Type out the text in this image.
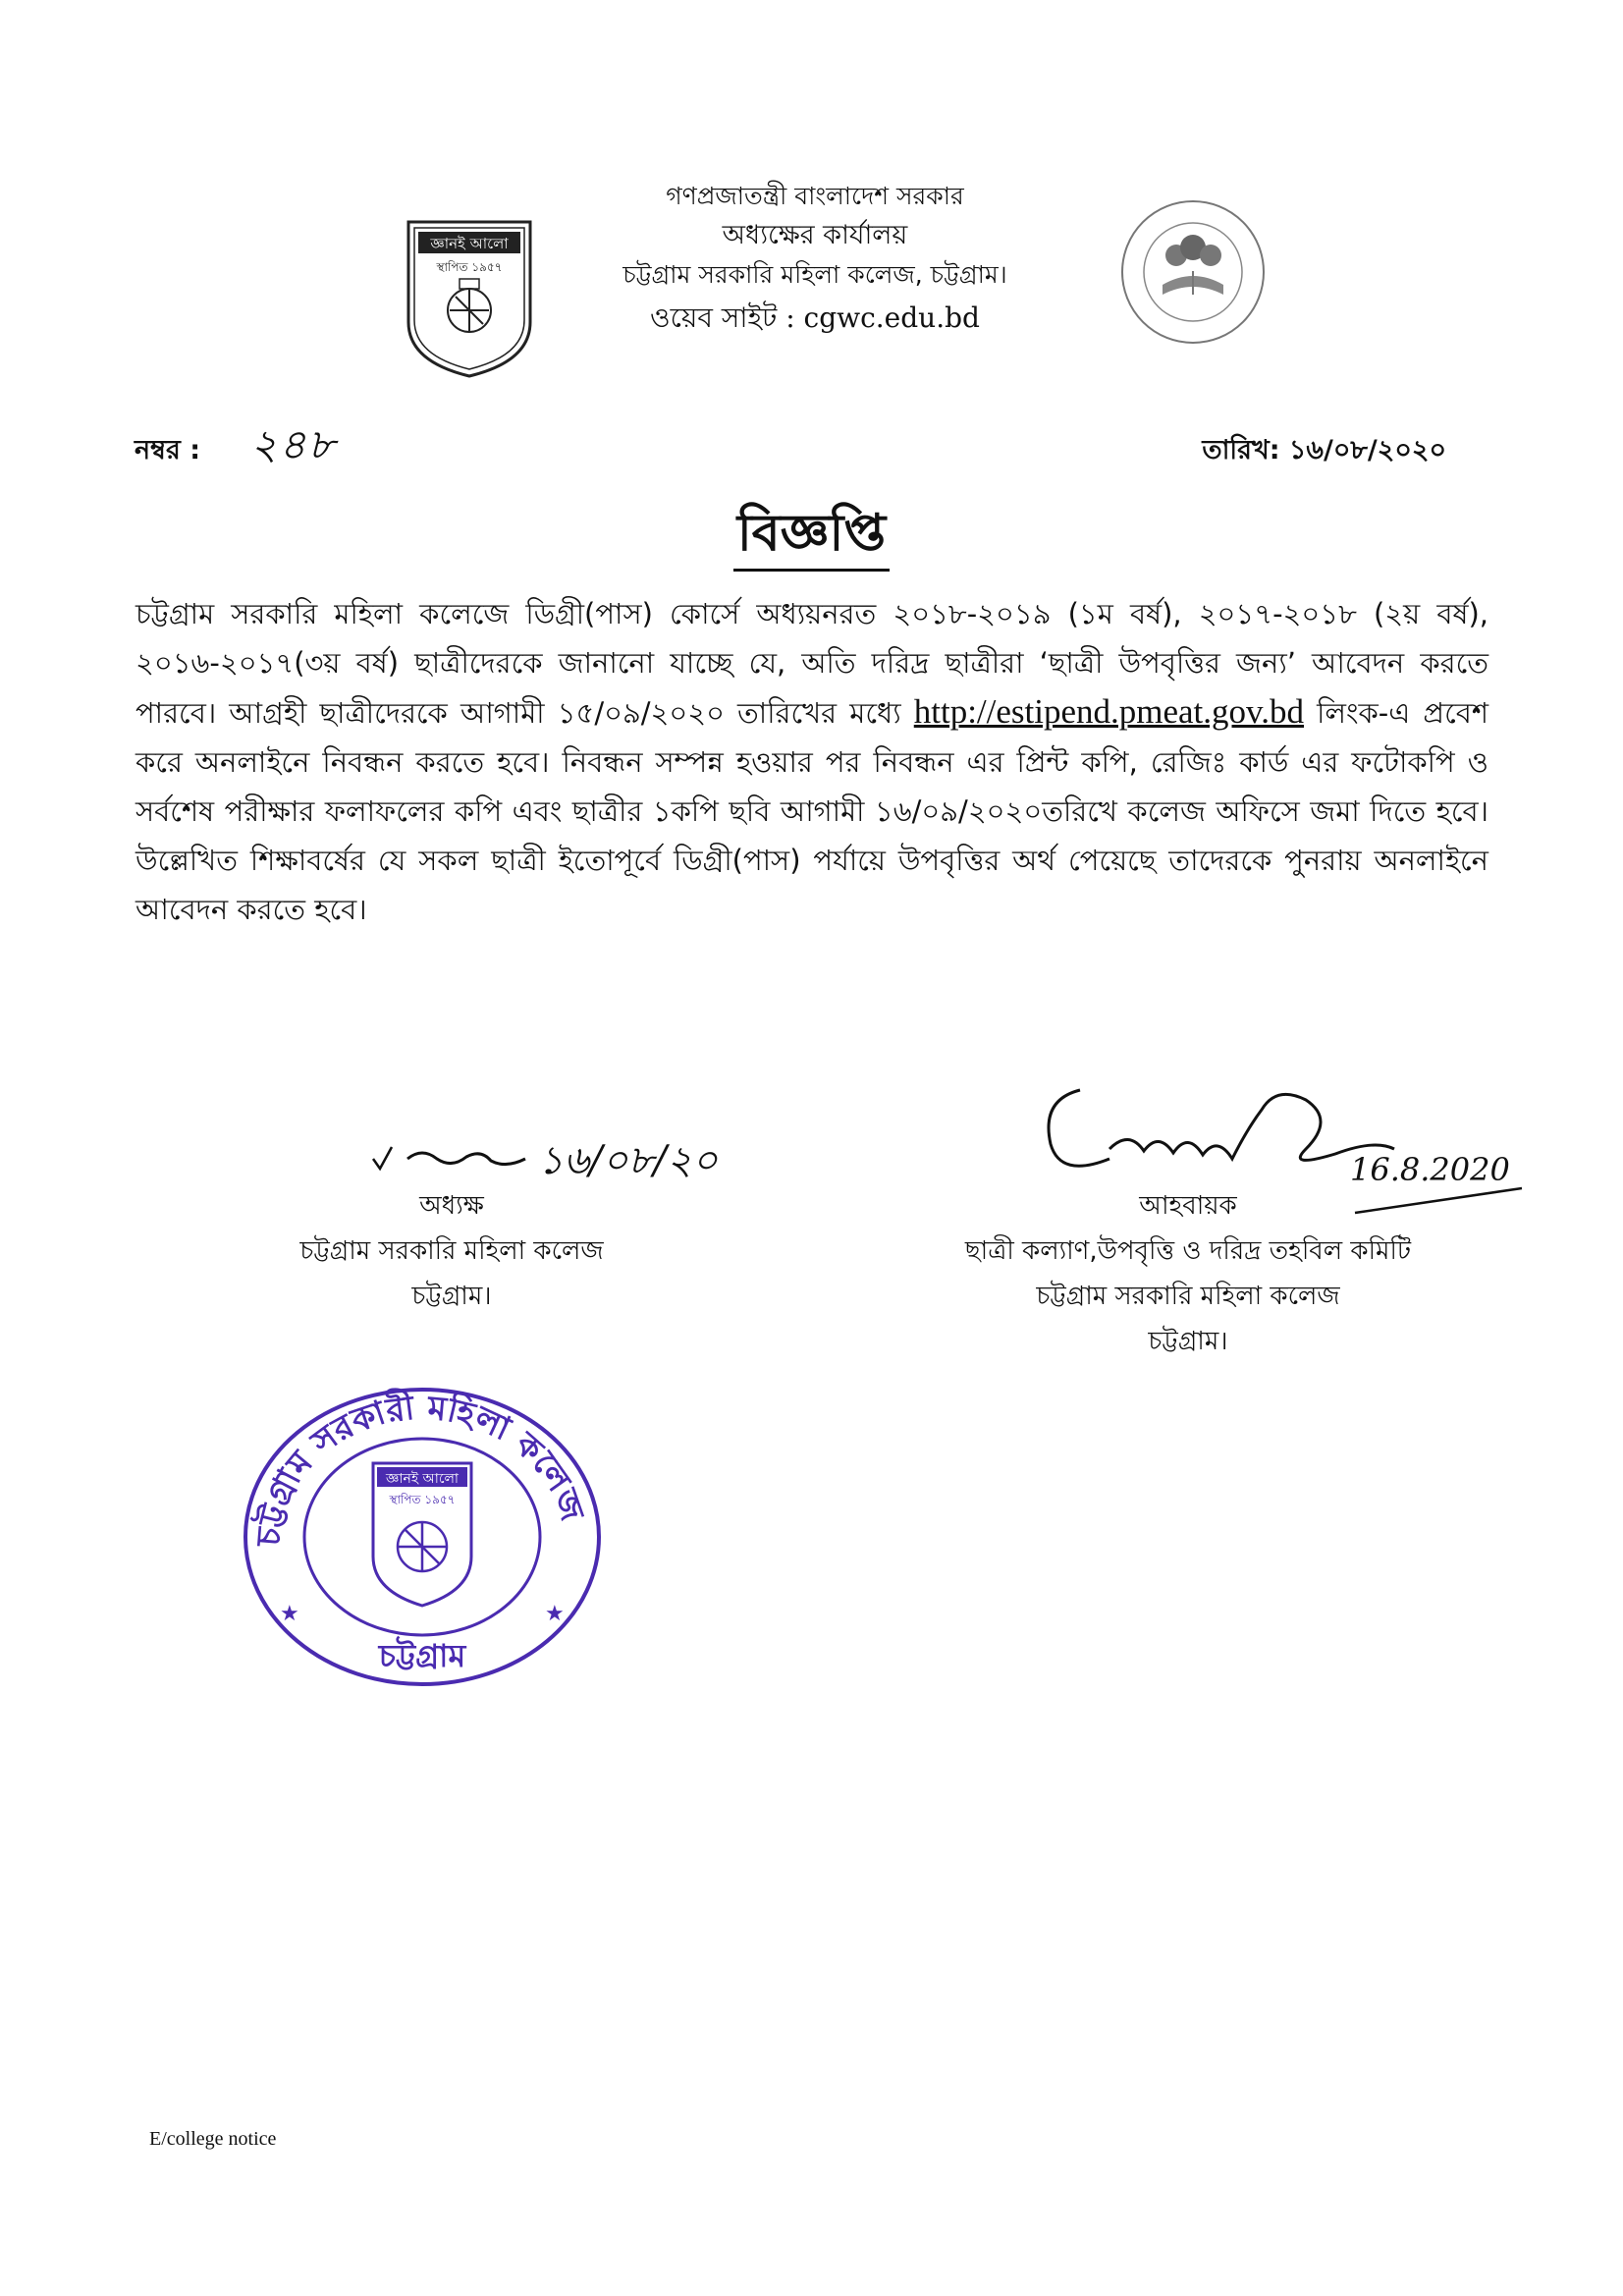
জ্ঞানই আলো
স্থাপিত ১৯৫৭
গণপ্রজাতন্ত্রী বাংলাদেশ সরকার
অধ্যক্ষের কার্যালয়
চট্টগ্রাম সরকারি মহিলা কলেজ, চট্টগ্রাম।
ওয়েব সাইট : cgwc.edu.bd
নম্বর : ২৪৮	তারিখ: ১৬/০৮/২০২০
বিজ্ঞপ্তি
চট্টগ্রাম সরকারি মহিলা কলেজে ডিগ্রী(পাস) কোর্সে অধ্যয়নরত ২০১৮-২০১৯ (১ম বর্ষ), ২০১৭-২০১৮ (২য় বর্ষ), ২০১৬-২০১৭(৩য় বর্ষ) ছাত্রীদেরকে জানানো যাচ্ছে যে, অতি দরিদ্র ছাত্রীরা ‘ছাত্রী উপবৃত্তির জন্য’ আবেদন করতে পারবে। আগ্রহী ছাত্রীদেরকে আগামী ১৫/০৯/২০২০ তারিখের মধ্যে http://estipend.pmeat.gov.bd লিংক-এ প্রবেশ করে অনলাইনে নিবন্ধন করতে হবে। নিবন্ধন সম্পন্ন হওয়ার পর নিবন্ধন এর প্রিন্ট কপি, রেজিঃ কার্ড এর ফটোকপি ও সর্বশেষ পরীক্ষার ফলাফলের কপি এবং ছাত্রীর ১কপি ছবি আগামী ১৬/০৯/২০২০তরিখে কলেজ অফিসে জমা দিতে হবে। উল্লেখিত শিক্ষাবর্ষের যে সকল ছাত্রী ইতোপূর্বে ডিগ্রী(পাস) পর্যায়ে উপবৃত্তির অর্থ পেয়েছে তাদেরকে পুনরায় অনলাইনে আবেদন করতে হবে।
১৬/০৮/২০
অধ্যক্ষ
চট্টগ্রাম সরকারি মহিলা কলেজ
চট্টগ্রাম।
16.8.2020
আহবায়ক
ছাত্রী কল্যাণ,উপবৃত্তি ও দরিদ্র তহবিল কমিটি
চট্টগ্রাম সরকারি মহিলা কলেজ
চট্টগ্রাম।
চট্টগ্রাম সরকারী মহিলা কলেজ
জ্ঞানই আলো
স্থাপিত ১৯৫৭
★	★
চট্টগ্রাম
E/college notice
